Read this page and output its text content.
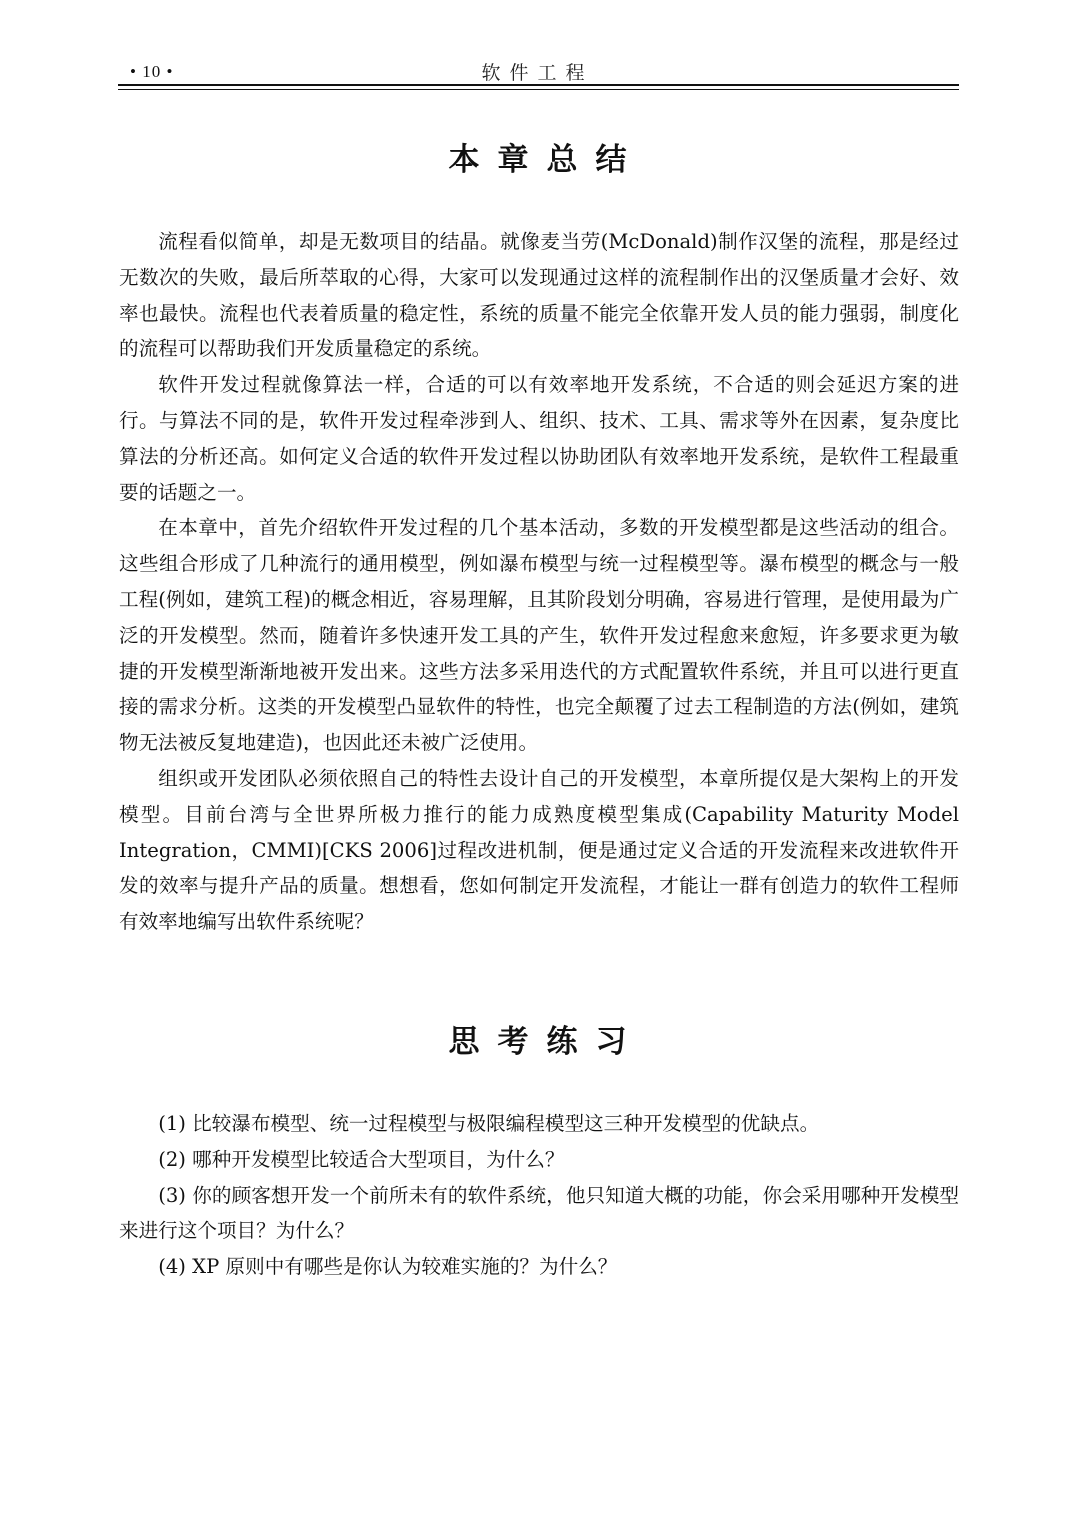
• 10 •	软件工程
本章总结

流程看似简单，却是无数项目的结晶。就像麦当劳(McDonald)制作汉堡的流程，那是经过无数次的失败，最后所萃取的心得，大家可以发现通过这样的流程制作出的汉堡质量才会好、效率也最快。流程也代表着质量的稳定性，系统的质量不能完全依靠开发人员的能力强弱，制度化的流程可以帮助我们开发质量稳定的系统。

软件开发过程就像算法一样，合适的可以有效率地开发系统，不合适的则会延迟方案的进行。与算法不同的是，软件开发过程牵涉到人、组织、技术、工具、需求等外在因素，复杂度比算法的分析还高。如何定义合适的软件开发过程以协助团队有效率地开发系统，是软件工程最重要的话题之一。

在本章中，首先介绍软件开发过程的几个基本活动，多数的开发模型都是这些活动的组合。这些组合形成了几种流行的通用模型，例如瀑布模型与统一过程模型等。瀑布模型的概念与一般工程(例如，建筑工程)的概念相近，容易理解，且其阶段划分明确，容易进行管理，是使用最为广泛的开发模型。然而，随着许多快速开发工具的产生，软件开发过程愈来愈短，许多要求更为敏捷的开发模型渐渐地被开发出来。这些方法多采用迭代的方式配置软件系统，并且可以进行更直接的需求分析。这类的开发模型凸显软件的特性，也完全颠覆了过去工程制造的方法(例如，建筑物无法被反复地建造)，也因此还未被广泛使用。

组织或开发团队必须依照自己的特性去设计自己的开发模型，本章所提仅是大架构上的开发模型。目前台湾与全世界所极力推行的能力成熟度模型集成(Capability Maturity Model Integration，CMMI)[CKS 2006]过程改进机制，便是通过定义合适的开发流程来改进软件开发的效率与提升产品的质量。想想看，您如何制定开发流程，才能让一群有创造力的软件工程师有效率地编写出软件系统呢？

思考练习

(1) 比较瀑布模型、统一过程模型与极限编程模型这三种开发模型的优缺点。

(2) 哪种开发模型比较适合大型项目，为什么？

(3) 你的顾客想开发一个前所未有的软件系统，他只知道大概的功能，你会采用哪种开发模型来进行这个项目？为什么？

(4) XP 原则中有哪些是你认为较难实施的？为什么？
